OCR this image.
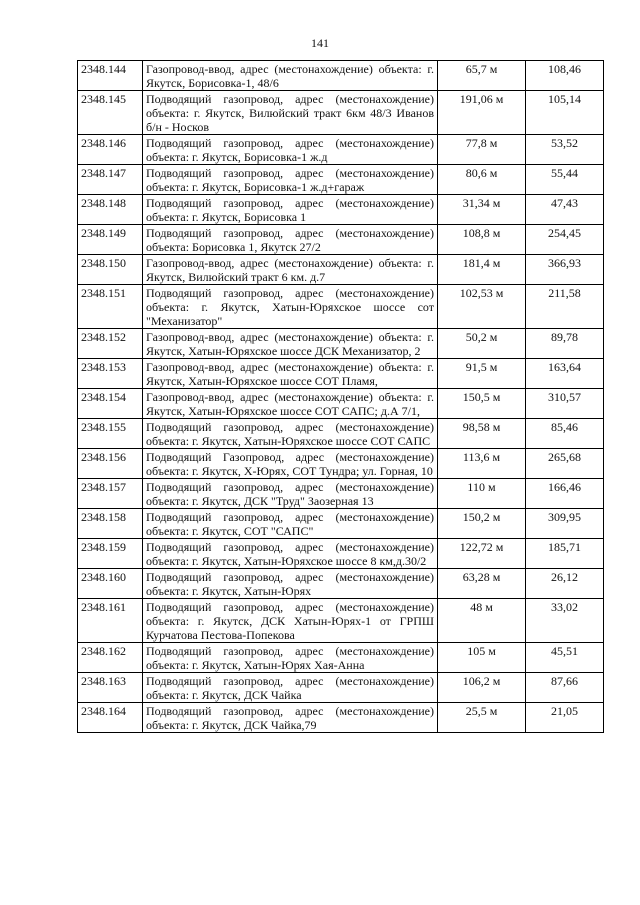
141
2348.144	Газопровод-ввод, адрес (местонахождение) объекта: г. Якутск, Борисовка-1, 48/6	65,7 м	108,46
2348.145	Подводящий газопровод, адрес (местонахождение) объекта: г. Якутск, Вилюйский тракт 6км 48/3 Иванов б/н - Носков	191,06 м	105,14
2348.146	Подводящий газопровод, адрес (местонахождение) объекта: г. Якутск, Борисовка-1 ж.д	77,8 м	53,52
2348.147	Подводящий газопровод, адрес (местонахождение) объекта: г. Якутск, Борисовка-1 ж.д+гараж	80,6 м	55,44
2348.148	Подводящий газопровод, адрес (местонахождение) объекта: г. Якутск, Борисовка 1	31,34 м	47,43
2348.149	Подводящий газопровод, адрес (местонахождение) объекта: Борисовка 1, Якутск 27/2	108,8 м	254,45
2348.150	Газопровод-ввод, адрес (местонахождение) объекта: г. Якутск, Вилюйский тракт 6 км. д.7	181,4 м	366,93
2348.151	Подводящий газопровод, адрес (местонахождение) объекта: г. Якутск, Хатын-Юряхское шоссе сот "Механизатор"	102,53 м	211,58
2348.152	Газопровод-ввод, адрес (местонахождение) объекта: г. Якутск, Хатын-Юряхское шоссе ДСК Механизатор, 2	50,2 м	89,78
2348.153	Газопровод-ввод, адрес (местонахождение) объекта: г. Якутск, Хатын-Юряхское шоссе СОТ Пламя,	91,5 м	163,64
2348.154	Газопровод-ввод, адрес (местонахождение) объекта: г. Якутск, Хатын-Юряхское шоссе СОТ САПС; д.А 7/1,	150,5 м	310,57
2348.155	Подводящий газопровод, адрес (местонахождение) объекта: г. Якутск, Хатын-Юряхское шоссе СОТ САПС	98,58 м	85,46
2348.156	Подводящий Газопровод, адрес (местонахождение) объекта: г. Якутск, Х-Юрях, СОТ Тундра; ул. Горная, 10	113,6 м	265,68
2348.157	Подводящий газопровод, адрес (местонахождение) объекта: г. Якутск, ДСК "Труд" Заозерная 13	110 м	166,46
2348.158	Подводящий газопровод, адрес (местонахождение) объекта: г. Якутск, СОТ "САПС"	150,2 м	309,95
2348.159	Подводящий газопровод, адрес (местонахождение) объекта: г. Якутск, Хатын-Юряхское шоссе 8 км,д.30/2	122,72 м	185,71
2348.160	Подводящий газопровод, адрес (местонахождение) объекта: г. Якутск, Хатын-Юрях	63,28 м	26,12
2348.161	Подводящий газопровод, адрес (местонахождение) объекта: г. Якутск, ДСК Хатын-Юрях-1 от ГРПШ Курчатова Пестова-Попекова	48 м	33,02
2348.162	Подводящий газопровод, адрес (местонахождение) объекта: г. Якутск, Хатын-Юрях Хая-Анна	105 м	45,51
2348.163	Подводящий газопровод, адрес (местонахождение) объекта: г. Якутск, ДСК Чайка	106,2 м	87,66
2348.164	Подводящий газопровод, адрес (местонахождение) объекта: г. Якутск, ДСК Чайка,79	25,5 м	21,05
